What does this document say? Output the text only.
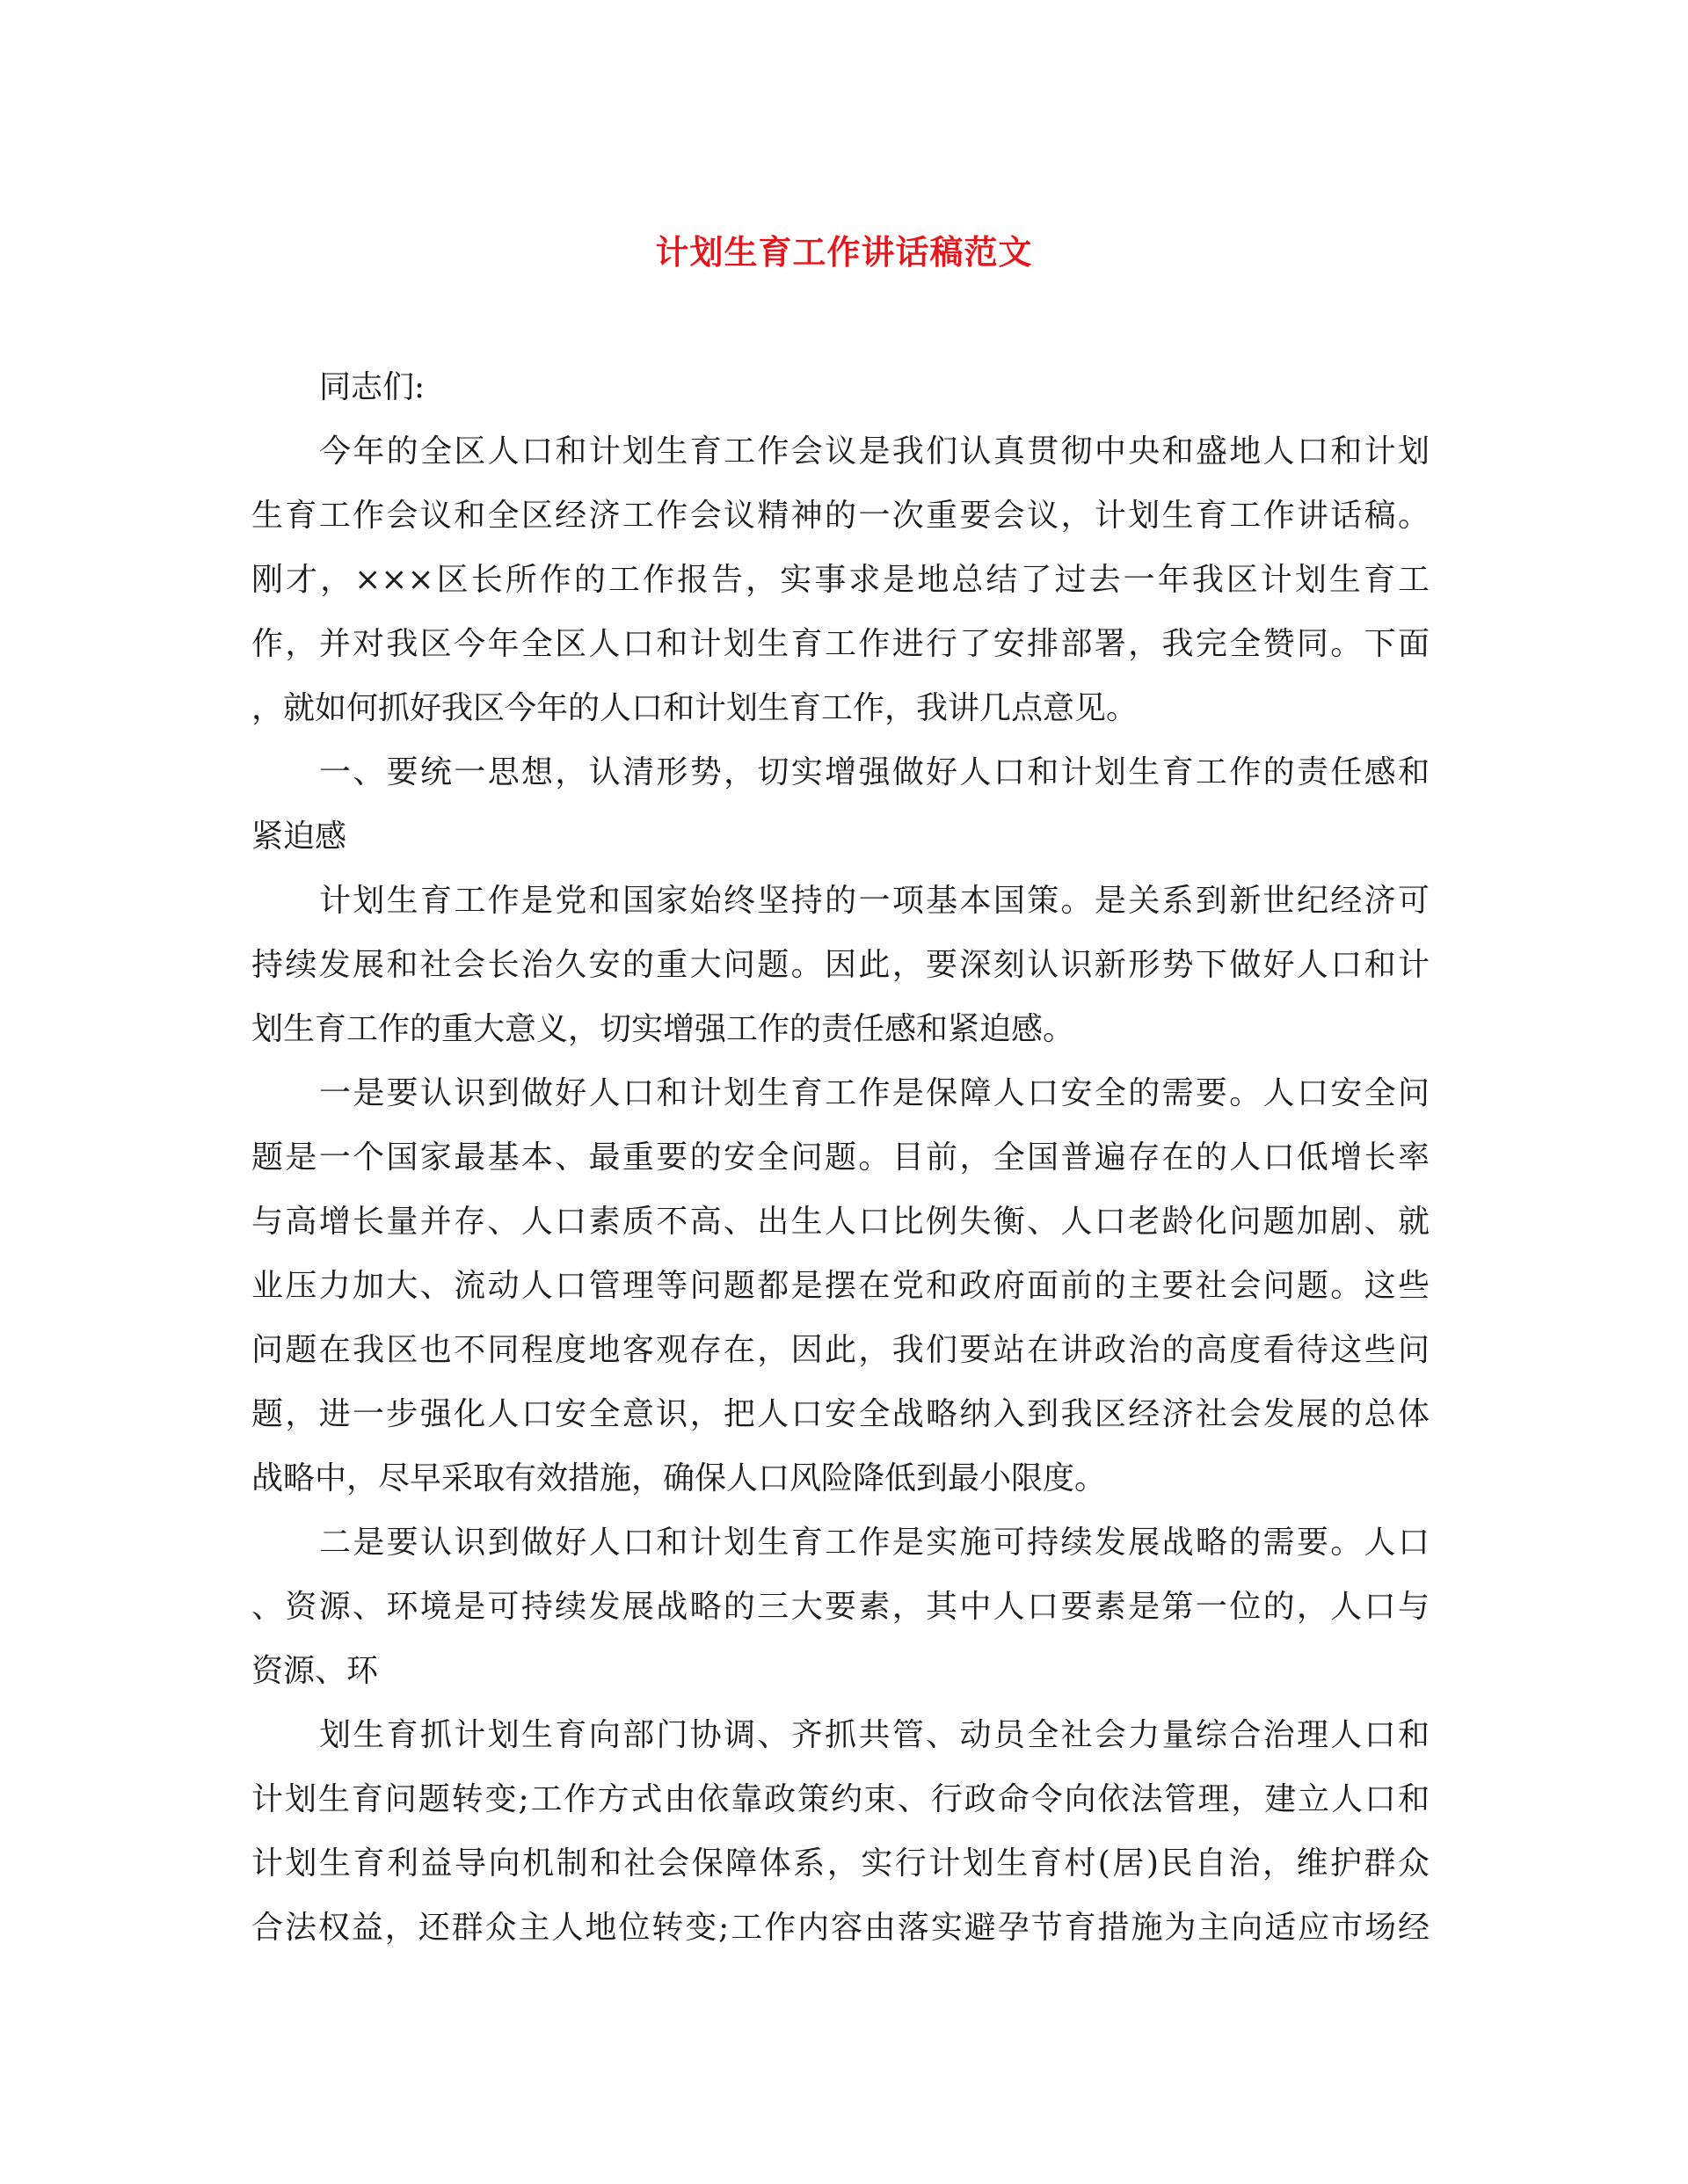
计划生育工作讲话稿范文
同志们:
今年的全区人口和计划生育工作会议是我们认真贯彻中央和盛地人口和计划
生育工作会议和全区经济工作会议精神的一次重要会议，计划生育工作讲话稿。
刚才，×××区长所作的工作报告，实事求是地总结了过去一年我区计划生育工
作，并对我区今年全区人口和计划生育工作进行了安排部署，我完全赞同。下面
，就如何抓好我区今年的人口和计划生育工作，我讲几点意见。
一、要统一思想，认清形势，切实增强做好人口和计划生育工作的责任感和
紧迫感
计划生育工作是党和国家始终坚持的一项基本国策。是关系到新世纪经济可
持续发展和社会长治久安的重大问题。因此，要深刻认识新形势下做好人口和计
划生育工作的重大意义，切实增强工作的责任感和紧迫感。
一是要认识到做好人口和计划生育工作是保障人口安全的需要。人口安全问
题是一个国家最基本、最重要的安全问题。目前，全国普遍存在的人口低增长率
与高增长量并存、人口素质不高、出生人口比例失衡、人口老龄化问题加剧、就
业压力加大、流动人口管理等问题都是摆在党和政府面前的主要社会问题。这些
问题在我区也不同程度地客观存在，因此，我们要站在讲政治的高度看待这些问
题，进一步强化人口安全意识，把人口安全战略纳入到我区经济社会发展的总体
战略中，尽早采取有效措施，确保人口风险降低到最小限度。
二是要认识到做好人口和计划生育工作是实施可持续发展战略的需要。人口
、资源、环境是可持续发展战略的三大要素，其中人口要素是第一位的，人口与
资源、环
划生育抓计划生育向部门协调、齐抓共管、动员全社会力量综合治理人口和
计划生育问题转变;工作方式由依靠政策约束、行政命令向依法管理，建立人口和
计划生育利益导向机制和社会保障体系，实行计划生育村(居)民自治，维护群众
合法权益，还群众主人地位转变;工作内容由落实避孕节育措施为主向适应市场经
